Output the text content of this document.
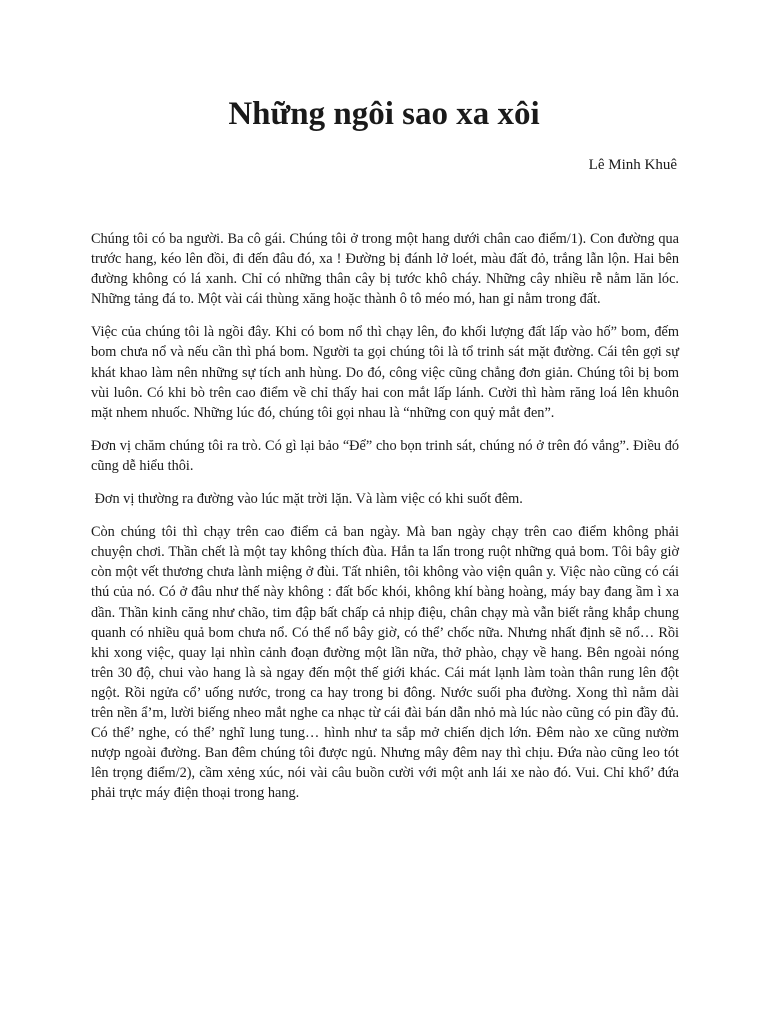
Những ngôi sao xa xôi

Lê Minh Khuê

Chúng tôi có ba người. Ba cô gái. Chúng tôi ở trong một hang dưới chân cao điểm/1). Con đường qua trước hang, kéo lên đồi, đi đến đâu đó, xa ! Đường bị đánh lở loét, màu đất đỏ, trắng lẫn lộn. Hai bên đường không có lá xanh. Chỉ có những thân cây bị tước khô cháy. Những cây nhiều rễ nằm lăn lóc. Những tảng đá to. Một vài cái thùng xăng hoặc thành ô tô méo mó, han gỉ nằm trong đất.

Việc của chúng tôi là ngồi đây. Khi có bom nổ thì chạy lên, đo khối lượng đất lấp vào hố” bom, đếm bom chưa nổ và nếu cần thì phá bom. Người ta gọi chúng tôi là tổ trinh sát mặt đường. Cái tên gợi sự khát khao làm nên những sự tích anh hùng. Do đó, công việc cũng chẳng đơn giản. Chúng tôi bị bom vùi luôn. Có khi bò trên cao điểm về chỉ thấy hai con mắt lấp lánh. Cười thì hàm răng loá lên khuôn mặt nhem nhuốc. Những lúc đó, chúng tôi gọi nhau là “những con quỷ mắt đen”.

Đơn vị chăm chúng tôi ra trò. Có gì lại bảo “Để” cho bọn trinh sát, chúng nó ở trên đó vắng”. Điều đó cũng dễ hiểu thôi.

Đơn vị thường ra đường vào lúc mặt trời lặn. Và làm việc có khi suốt đêm.

Còn chúng tôi thì chạy trên cao điểm cả ban ngày. Mà ban ngày chạy trên cao điểm không phải chuyện chơi. Thần chết là một tay không thích đùa. Hắn ta lẩn trong ruột những quả bom. Tôi bây giờ còn một vết thương chưa lành miệng ở đùi. Tất nhiên, tôi không vào viện quân y. Việc nào cũng có cái thú của nó. Có ở đâu như thế này không : đất bốc khói, không khí bàng hoàng, máy bay đang ầm ì xa dần. Thần kinh căng như chão, tim đập bất chấp cả nhịp điệu, chân chạy mà vẫn biết rằng khắp chung quanh có nhiều quả bom chưa nổ. Có thể nổ bây giờ, có thể’ chốc nữa. Nhưng nhất định sẽ nổ… Rồi khi xong việc, quay lại nhìn cảnh đoạn đường một lần nữa, thở phào, chạy về hang. Bên ngoài nóng trên 30 độ, chui vào hang là sà ngay đến một thế giới khác. Cái mát lạnh làm toàn thân rung lên đột ngột. Rồi ngửa cổ’ uống nước, trong ca hay trong bi đông. Nước suối pha đường. Xong thì nằm dài trên nền ẩ’m, lười biếng nheo mắt nghe ca nhạc từ cái đài bán dẫn nhỏ mà lúc nào cũng có pin đầy đủ. Có thể’ nghe, có thể’ nghĩ lung tung… hình như ta sắp mở chiến dịch lớn. Đêm nào xe cũng nườm nượp ngoài đường. Ban đêm chúng tôi được ngủ. Nhưng mây đêm nay thì chịu. Đứa nào cũng leo tót lên trọng điểm/2), cầm xẻng xúc, nói vài câu buồn cười với một anh lái xe nào đó. Vui. Chỉ khổ’ đứa phải trực máy điện thoại trong hang.
